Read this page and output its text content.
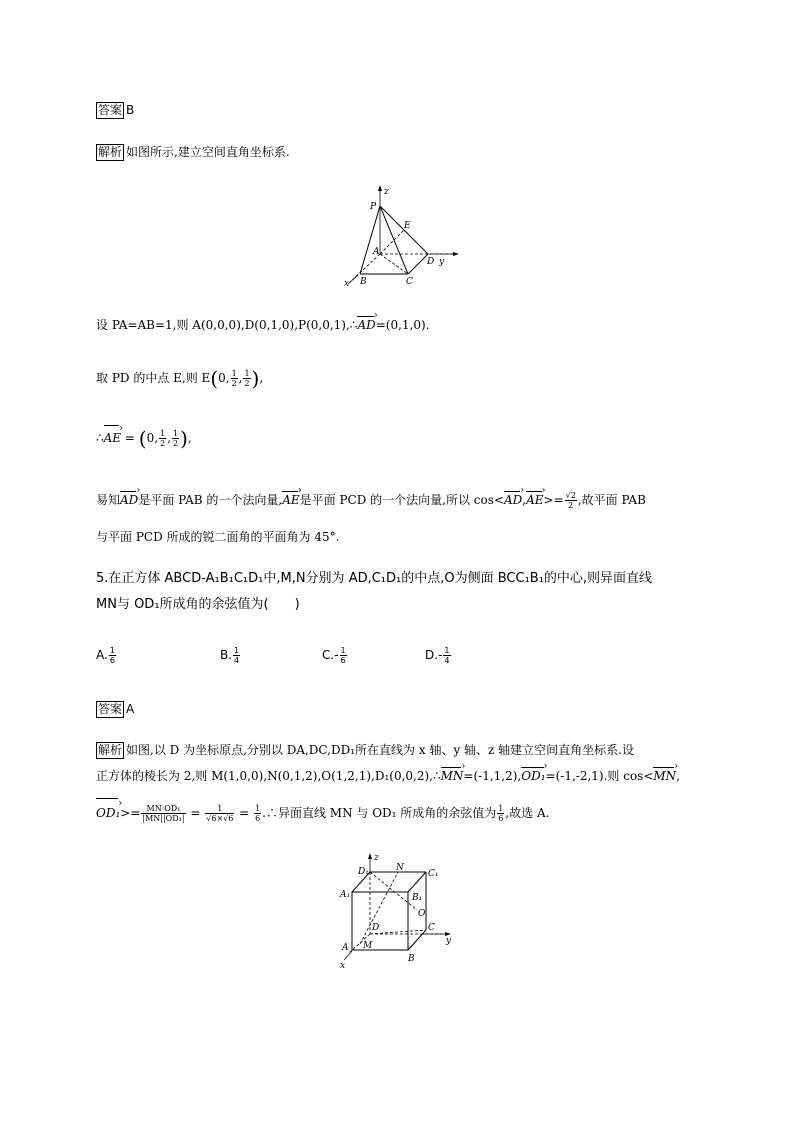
答案 B
解析 如图所示,建立空间直角坐标系.
z
P
E
A
D y
x B	C
设 PA=AB=1,则 A(0,0,0),D(0,1,0),P(0,0,1),∴AD ›=(0,1,0).
取 PD 的中点 E,则 E(0, $\frac{1}{2}$ , $\frac{1}{2}$ ),
∴AE › = (0, $\frac{1}{2}$ , $\frac{1}{2}$ ),
易知AD ›是平面 PAB 的一个法向量,AE ›是平面 PCD 的一个法向量,所以 cos<AD ›,AE ›>= $\frac{√2}{2}$ ,故平面 PAB
与平面 PCD 所成的锐二面角的平面角为 45°.
5.在正方体 ABCD-A₁B₁C₁D₁中,M,N分别为 AD,C₁D₁的中点,O为侧面 BCC₁B₁的中心,则异面直线
MN与 OD₁所成角的余弦值为(　　)
A. $\frac{1}{6}$	B. $\frac{1}{4}$	$C.- \frac{1}{6}$	$D.- \frac{1}{4}$
答案 A
解析 如图,以 D 为坐标原点,分别以 DA,DC,DD₁所在直线为 x 轴、y 轴、z 轴建立空间直角坐标系.设
正方体的棱长为 2,则 M(1,0,0),N(0,1,2),O(1,2,1),D₁(0,0,2),∴MN ›=(-1,1,2),OD₁ ›=(-1,-2,1).则 cos<MN ›,
OD₁ ›>= $\frac{\text{MN·OD₁}}{\text{|MN||OD₁|}} = \frac{1}{√6\times√6} = \frac{1}{6}$ .∴异面直线 MN 与 OD₁ 所成角的余弦值为 $\frac{1}{6}$ ,故选 A.
z
D₁	N
C₁
A₁	B₁
O
D	C
y
A M
B
x
